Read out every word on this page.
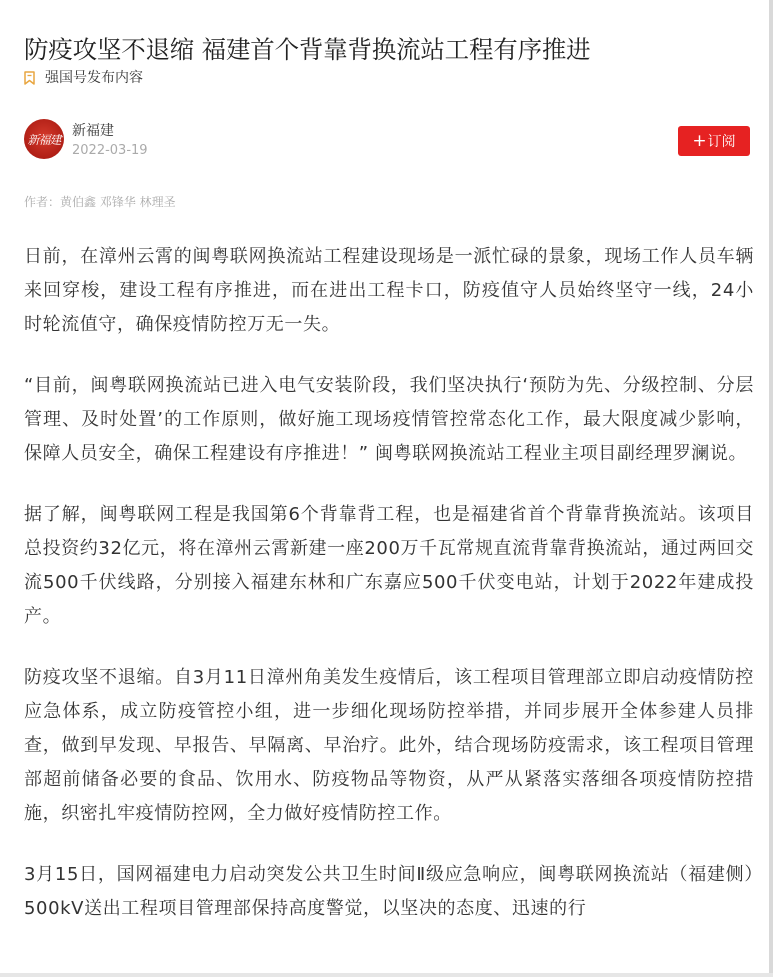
防疫攻坚不退缩 福建首个背靠背换流站工程有序推进
强国号发布内容
新福建
新福建
2022-03-19	+ 订阅
作者：黄伯鑫 邓锋华 林理圣

日前，在漳州云霄的闽粤联网换流站工程建设现场是一派忙碌的景象，现场工作人员车辆来回穿梭，建设工程有序推进，而在进出工程卡口，防疫值守人员始终坚守一线，24小时轮流值守，确保疫情防控万无一失。

“目前，闽粤联网换流站已进入电气安装阶段，我们坚决执行‘预防为先、分级控制、分层管理、及时处置’的工作原则，做好施工现场疫情管控常态化工作，最大限度减少影响，保障人员安全，确保工程建设有序推进！” 闽粤联网换流站工程业主项目副经理罗澜说。

据了解，闽粤联网工程是我国第6个背靠背工程，也是福建省首个背靠背换流站。该项目总投资约32亿元，将在漳州云霄新建一座200万千瓦常规直流背靠背换流站，通过两回交流500千伏线路，分别接入福建东林和广东嘉应500千伏变电站，计划于2022年建成投产。

防疫攻坚不退缩。自3月11日漳州角美发生疫情后，该工程项目管理部立即启动疫情防控应急体系，成立防疫管控小组，进一步细化现场防控举措，并同步展开全体参建人员排查，做到早发现、早报告、早隔离、早治疗。此外，结合现场防疫需求，该工程项目管理部超前储备必要的食品、饮用水、防疫物品等物资，从严从紧落实落细各项疫情防控措施，织密扎牢疫情防控网，全力做好疫情防控工作。

3月15日，国网福建电力启动突发公共卫生时间Ⅱ级应急响应，闽粤联网换流站（福建侧）500kV送出工程项目管理部保持高度警觉，以坚决的态度、迅速的行
